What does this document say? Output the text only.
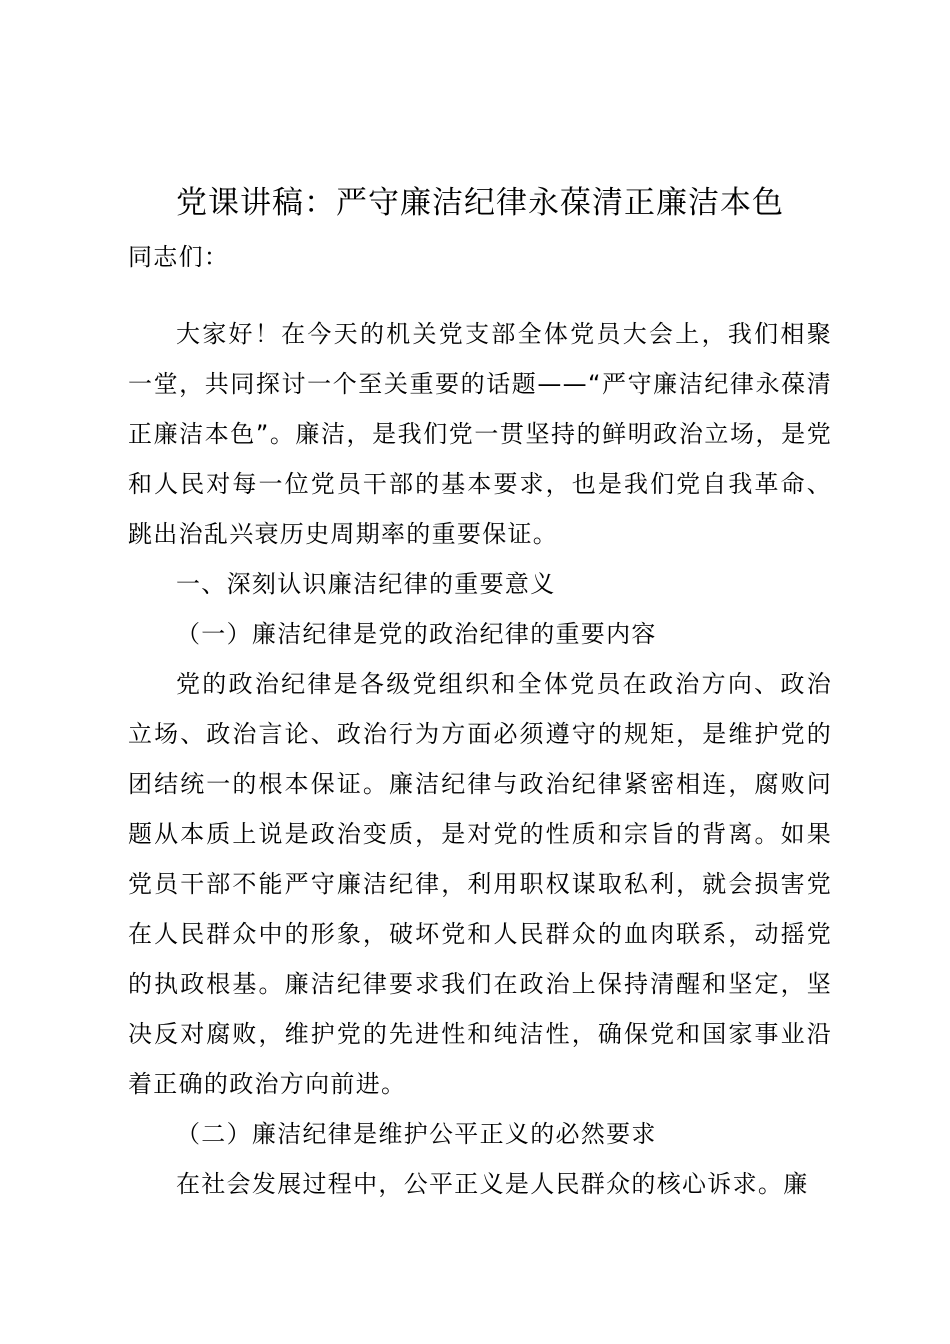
党课讲稿：严守廉洁纪律永葆清正廉洁本色

同志们：

大家好！在今天的机关党支部全体党员大会上，我们相聚一堂，共同探讨一个至关重要的话题——“严守廉洁纪律永葆清正廉洁本色”。廉洁，是我们党一贯坚持的鲜明政治立场，是党和人民对每一位党员干部的基本要求，也是我们党自我革命、跳出治乱兴衰历史周期率的重要保证。

一、深刻认识廉洁纪律的重要意义

（一）廉洁纪律是党的政治纪律的重要内容

党的政治纪律是各级党组织和全体党员在政治方向、政治立场、政治言论、政治行为方面必须遵守的规矩，是维护党的团结统一的根本保证。廉洁纪律与政治纪律紧密相连，腐败问题从本质上说是政治变质，是对党的性质和宗旨的背离。如果党员干部不能严守廉洁纪律，利用职权谋取私利，就会损害党在人民群众中的形象，破坏党和人民群众的血肉联系，动摇党的执政根基。廉洁纪律要求我们在政治上保持清醒和坚定，坚决反对腐败，维护党的先进性和纯洁性，确保党和国家事业沿着正确的政治方向前进。

（二）廉洁纪律是维护公平正义的必然要求

在社会发展过程中，公平正义是人民群众的核心诉求。廉
